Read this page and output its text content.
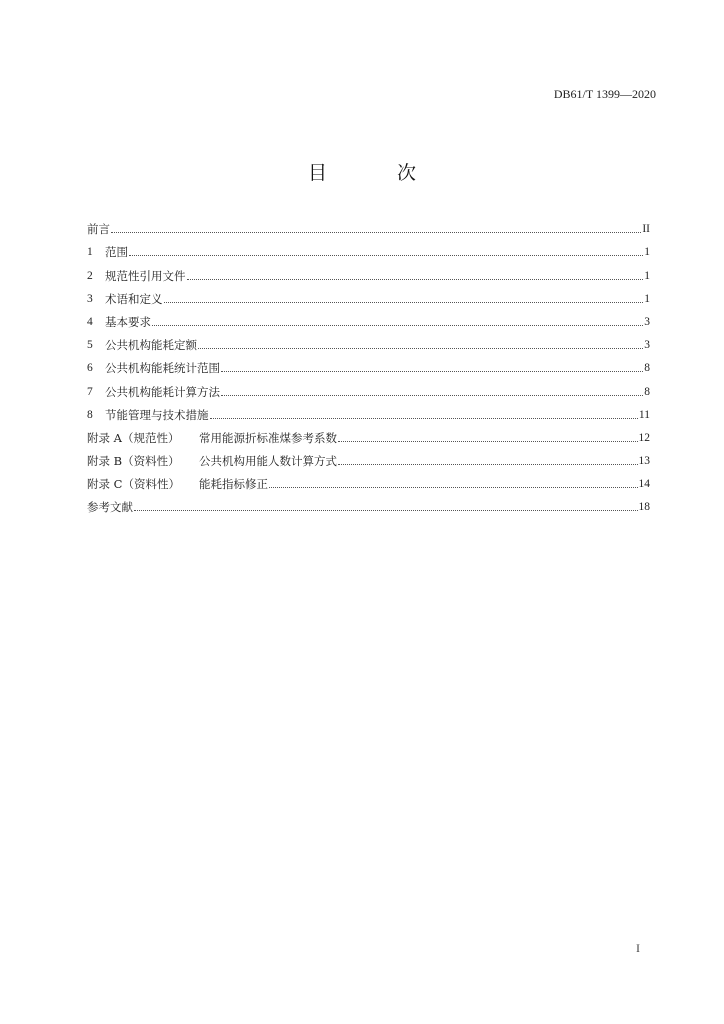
DB61/T 1399—2020
目 次
前言	II
1	范围	1
2	规范性引用文件	1
3	术语和定义	1
4	基本要求	3
5	公共机构能耗定额	3
6	公共机构能耗统计范围	8
7	公共机构能耗计算方法	8
8	节能管理与技术措施	11
附录 A（规范性）	常用能源折标准煤参考系数	12
附录 B（资料性）	公共机构用能人数计算方式	13
附录 C（资料性）	能耗指标修正	14
参考文献	18
I
